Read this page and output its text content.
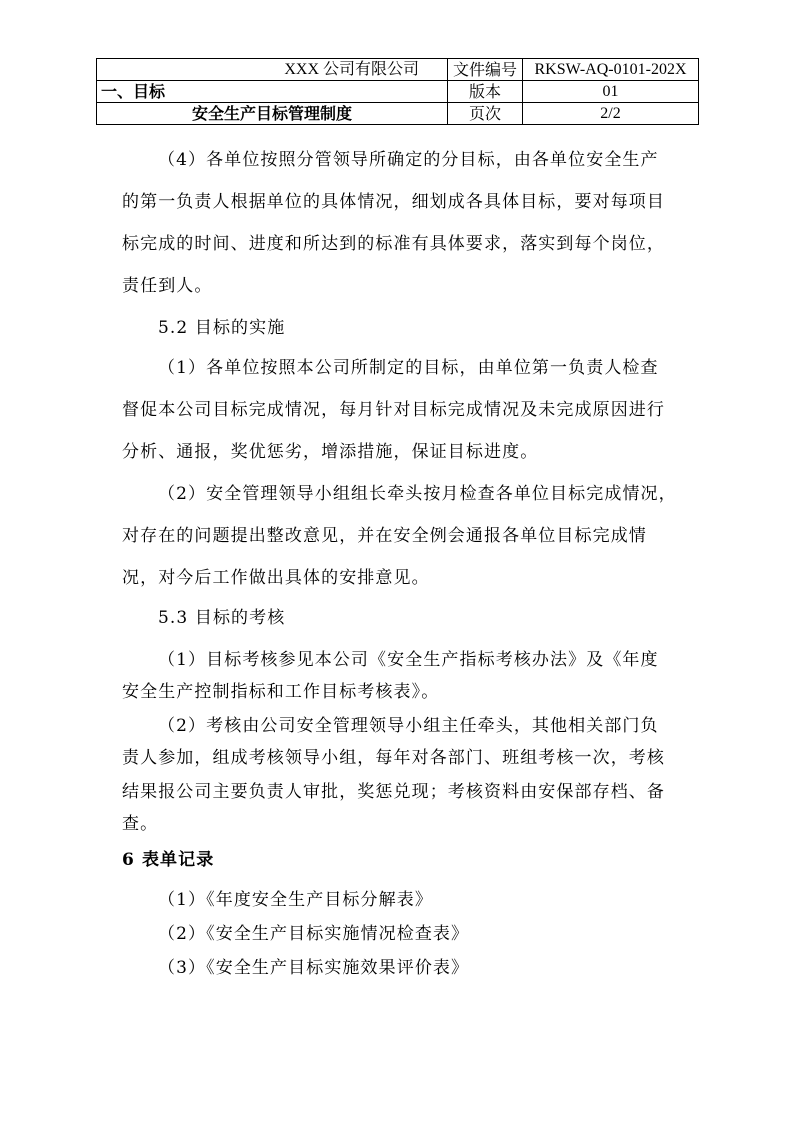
XXX 公司有限公司	文件编号	RKSW-AQ-0101-202X
一、目标	版本	01
安全生产目标管理制度	页次	2/2
（4）各单位按照分管领导所确定的分目标，由各单位安全生产
的第一负责人根据单位的具体情况，细划成各具体目标，要对每项目
标完成的时间、进度和所达到的标准有具体要求，落实到每个岗位，
责任到人。
5.2 目标的实施
（1）各单位按照本公司所制定的目标，由单位第一负责人检查
督促本公司目标完成情况，每月针对目标完成情况及未完成原因进行
分析、通报，奖优惩劣，增添措施，保证目标进度。
（2）安全管理领导小组组长牵头按月检查各单位目标完成情况，
对存在的问题提出整改意见，并在安全例会通报各单位目标完成情
况，对今后工作做出具体的安排意见。
5.3 目标的考核
（1）目标考核参见本公司《安全生产指标考核办法》及《年度
安全生产控制指标和工作目标考核表》。
（2）考核由公司安全管理领导小组主任牵头，其他相关部门负
责人参加，组成考核领导小组，每年对各部门、班组考核一次，考核
结果报公司主要负责人审批，奖惩兑现；考核资料由安保部存档、备
查。
6 表单记录
（1）《年度安全生产目标分解表》
（2）《安全生产目标实施情况检查表》
（3）《安全生产目标实施效果评价表》
